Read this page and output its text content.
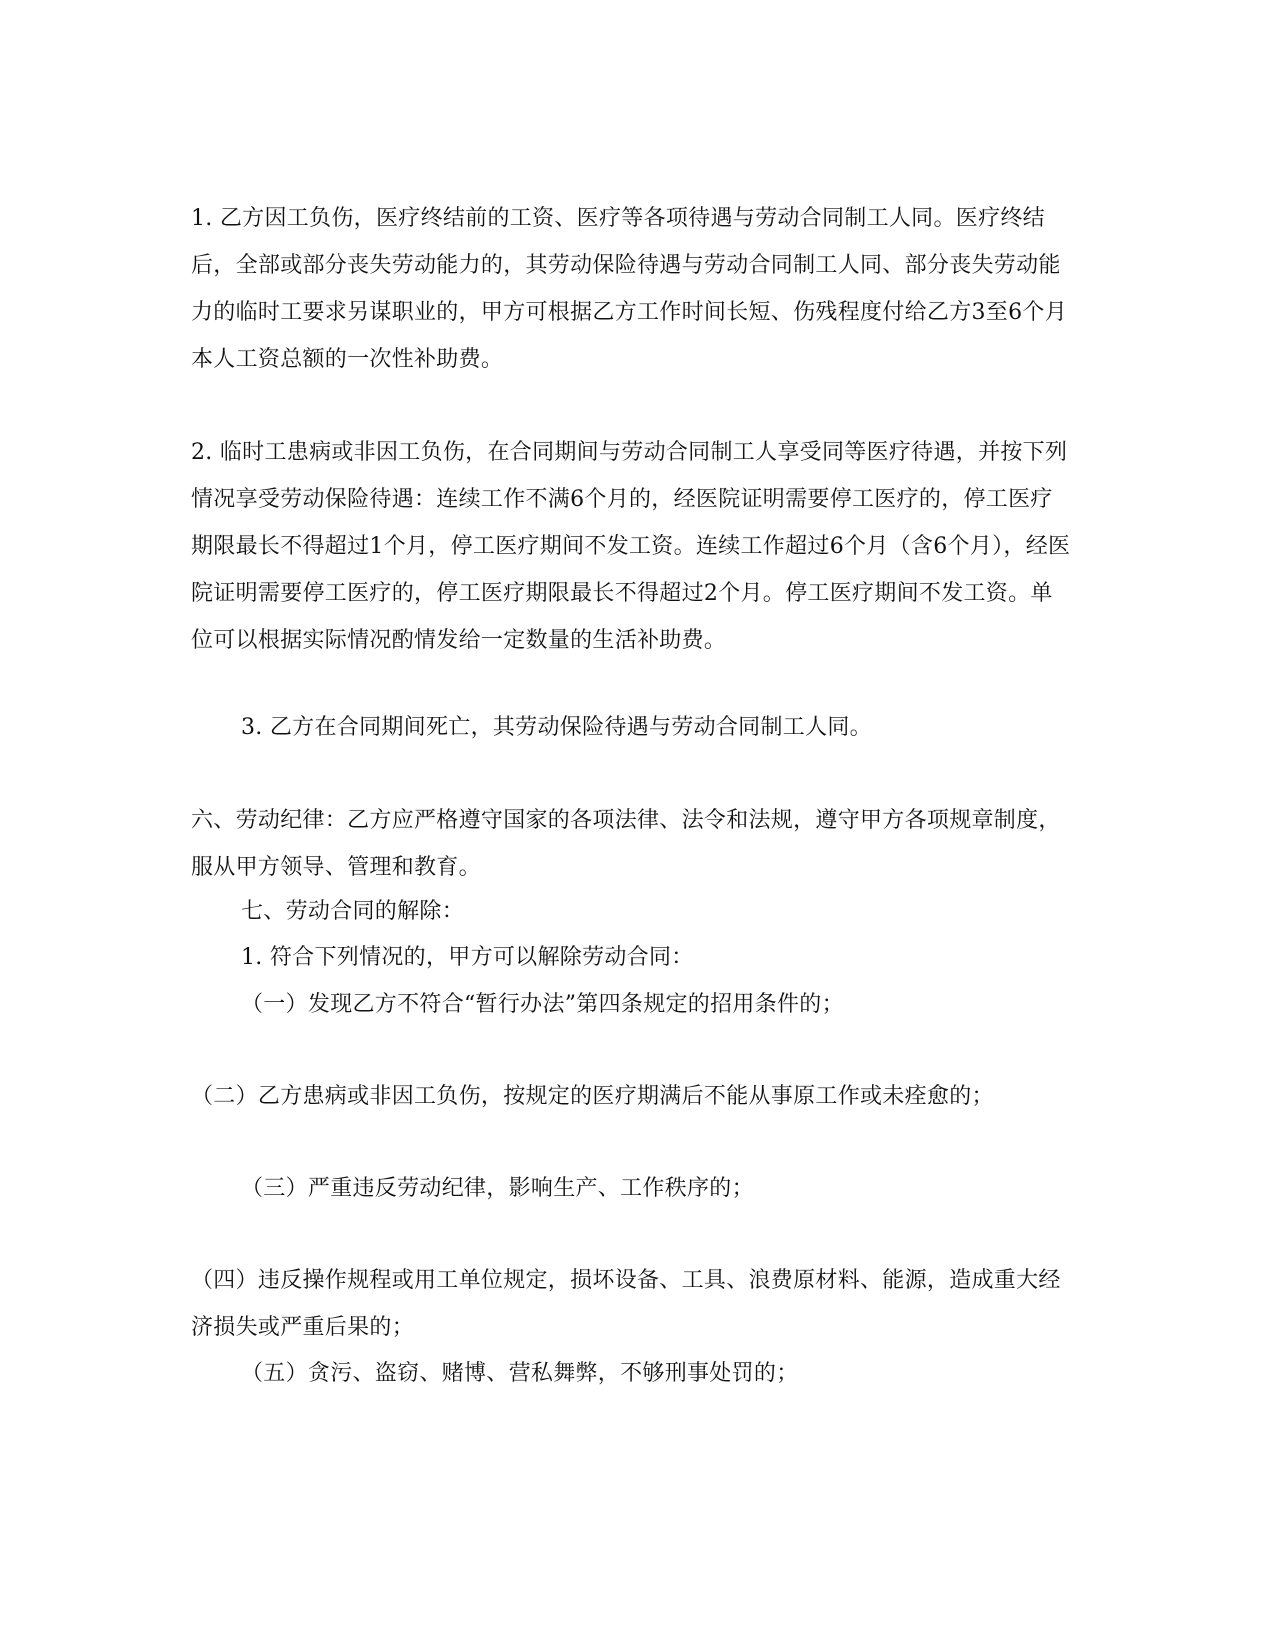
1. 乙方因工负伤，医疗终结前的工资、医疗等各项待遇与劳动合同制工人同。医疗终结后，全部或部分丧失劳动能力的，其劳动保险待遇与劳动合同制工人同、部分丧失劳动能力的临时工要求另谋职业的，甲方可根据乙方工作时间长短、伤残程度付给乙方3至6个月本人工资总额的一次性补助费。
2. 临时工患病或非因工负伤，在合同期间与劳动合同制工人享受同等医疗待遇，并按下列情况享受劳动保险待遇：连续工作不满6个月的，经医院证明需要停工医疗的，停工医疗期限最长不得超过1个月，停工医疗期间不发工资。连续工作超过6个月（含6个月），经医院证明需要停工医疗的，停工医疗期限最长不得超过2个月。停工医疗期间不发工资。单位可以根据实际情况酌情发给一定数量的生活补助费。
3. 乙方在合同期间死亡，其劳动保险待遇与劳动合同制工人同。
六、劳动纪律：乙方应严格遵守国家的各项法律、法令和法规，遵守甲方各项规章制度，服从甲方领导、管理和教育。
七、劳动合同的解除：
1. 符合下列情况的，甲方可以解除劳动合同：
（一）发现乙方不符合“暂行办法”第四条规定的招用条件的；
（二）乙方患病或非因工负伤，按规定的医疗期满后不能从事原工作或未痊愈的；
（三）严重违反劳动纪律，影响生产、工作秩序的；
（四）违反操作规程或用工单位规定，损坏设备、工具、浪费原材料、能源，造成重大经济损失或严重后果的；
（五）贪污、盗窃、赌博、营私舞弊，不够刑事处罚的；
